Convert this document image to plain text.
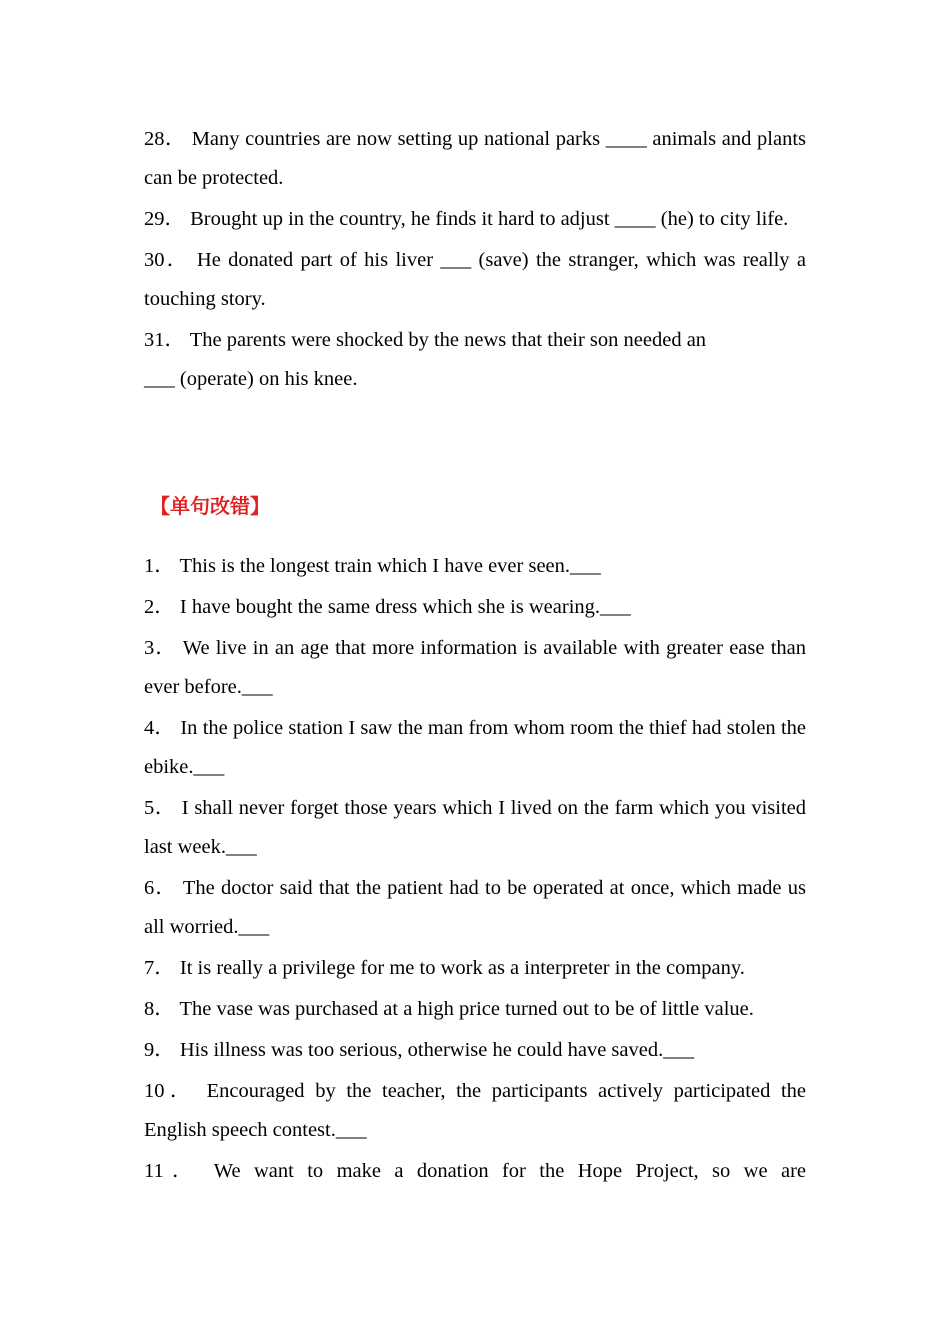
28． Many countries are now setting up national parks ____ animals and plants can be protected.

29． Brought up in the country, he finds it hard to adjust ____ (he) to city life.

30． He donated part of his liver ___ (save) the stranger, which was really a touching story.

31． The parents were shocked by the news that their son needed an
___ (operate) on his knee.

【单句改错】

1． This is the longest train which I have ever seen.___

2． I have bought the same dress which she is wearing.___

3． We live in an age that more information is available with greater ease than ever before.___

4． In the police station I saw the man from whom room the thief had stolen the ebike.___

5． I shall never forget those years which I lived on the farm which you visited last week.___

6． The doctor said that the patient had to be operated at once, which made us all worried.___

7． It is really a privilege for me to work as a interpreter in the company.

8． The vase was purchased at a high price turned out to be of little value.

9． His illness was too serious, otherwise he could have saved.___

10． Encouraged by the teacher, the participants actively participated the English speech contest.___

11． We want to make a donation for the Hope Project, so we are
